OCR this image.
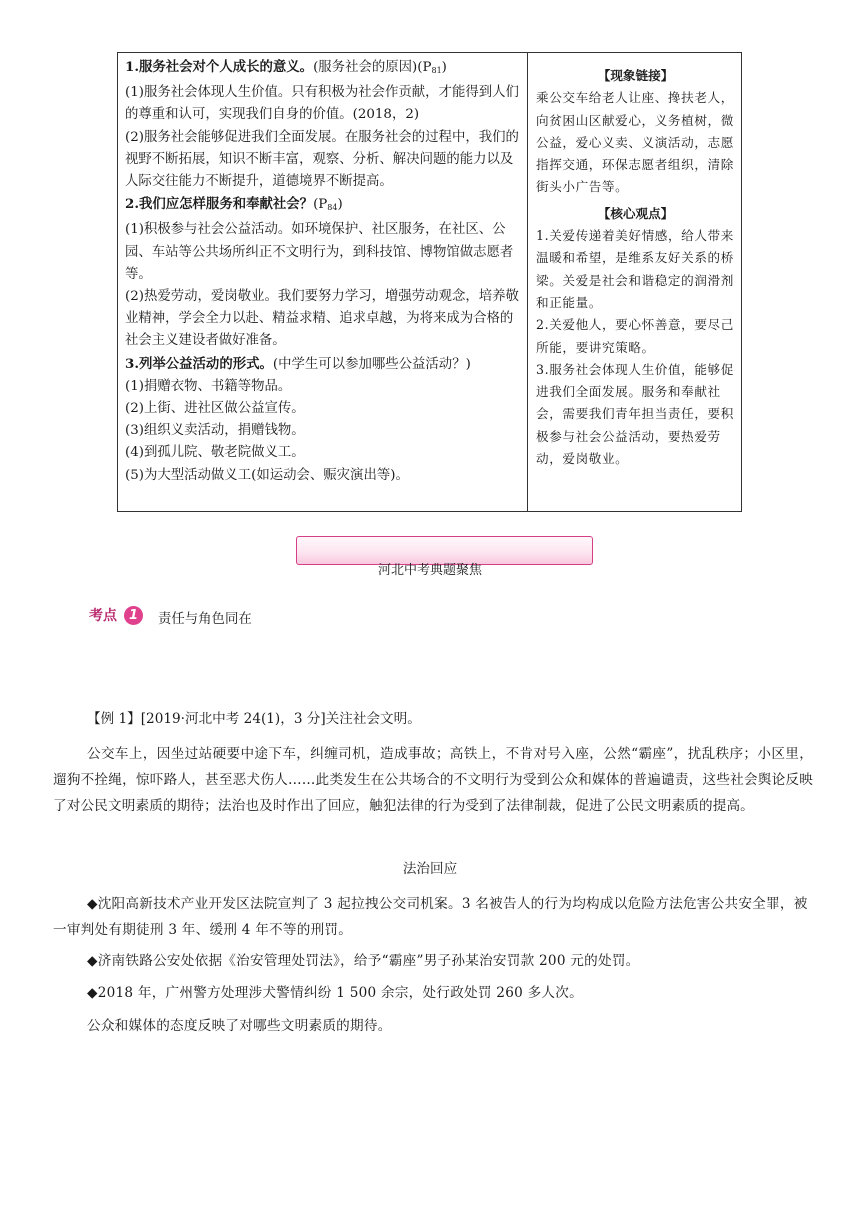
1.服务社会对个人成长的意义。(服务社会的原因)$(P_{81})$

(1)服务社会体现人生价值。只有积极为社会作贡献，才能得到人们的尊重和认可，实现我们自身的价值。(2018，2)

(2)服务社会能够促进我们全面发展。在服务社会的过程中，我们的视野不断拓展，知识不断丰富，观察、分析、解决问题的能力以及人际交往能力不断提升，道德境界不断提高。

2.我们应怎样服务和奉献社会？$(P_{84})$

(1)积极参与社会公益活动。如环境保护、社区服务，在社区、公园、车站等公共场所纠正不文明行为，到科技馆、博物馆做志愿者等。

(2)热爱劳动，爱岗敬业。我们要努力学习，增强劳动观念，培养敬业精神，学会全力以赴、精益求精、追求卓越，为将来成为合格的社会主义建设者做好准备。

3.列举公益活动的形式。(中学生可以参加哪些公益活动？)

(1)捐赠衣物、书籍等物品。

(2)上街、进社区做公益宣传。

(3)组织义卖活动，捐赠钱物。

(4)到孤儿院、敬老院做义工。

(5)为大型活动做义工(如运动会、赈灾演出等)。

【现象链接】

乘公交车给老人让座、搀扶老人，向贫困山区献爱心，义务植树，微公益，爱心义卖、义演活动，志愿指挥交通，环保志愿者组织，清除街头小广告等。

【核心观点】

1.关爱传递着美好情感，给人带来温暖和希望，是维系友好关系的桥梁。关爱是社会和谐稳定的润滑剂和正能量。

2.关爱他人，要心怀善意，要尽己所能，要讲究策略。

3.服务社会体现人生价值，能够促进我们全面发展。服务和奉献社会，需要我们青年担当责任，要积极参与社会公益活动，要热爱劳动，爱岗敬业。

河北中考典题聚焦
考点 1	责任与角色同在
【例 1】[2019·河北中考 24(1)，3 分]关注社会文明。
公交车上，因坐过站硬要中途下车，纠缠司机，造成事故；高铁上，不肯对号入座，公然“霸座”，扰乱秩序；小区里，遛狗不拴绳，惊吓路人，甚至恶犬伤人……此类发生在公共场合的不文明行为受到公众和媒体的普遍谴责，这些社会舆论反映了对公民文明素质的期待；法治也及时作出了回应，触犯法律的行为受到了法律制裁，促进了公民文明素质的提高。
法治回应
◆沈阳高新技术产业开发区法院宣判了 3 起拉拽公交司机案。3 名被告人的行为均构成以危险方法危害公共安全罪，被一审判处有期徒刑 3 年、缓刑 4 年不等的刑罚。
◆济南铁路公安处依据《治安管理处罚法》，给予“霸座”男子孙某治安罚款 200 元的处罚。
◆2018 年，广州警方处理涉犬警情纠纷 1 500 余宗，处行政处罚 260 多人次。
公众和媒体的态度反映了对哪些文明素质的期待。
